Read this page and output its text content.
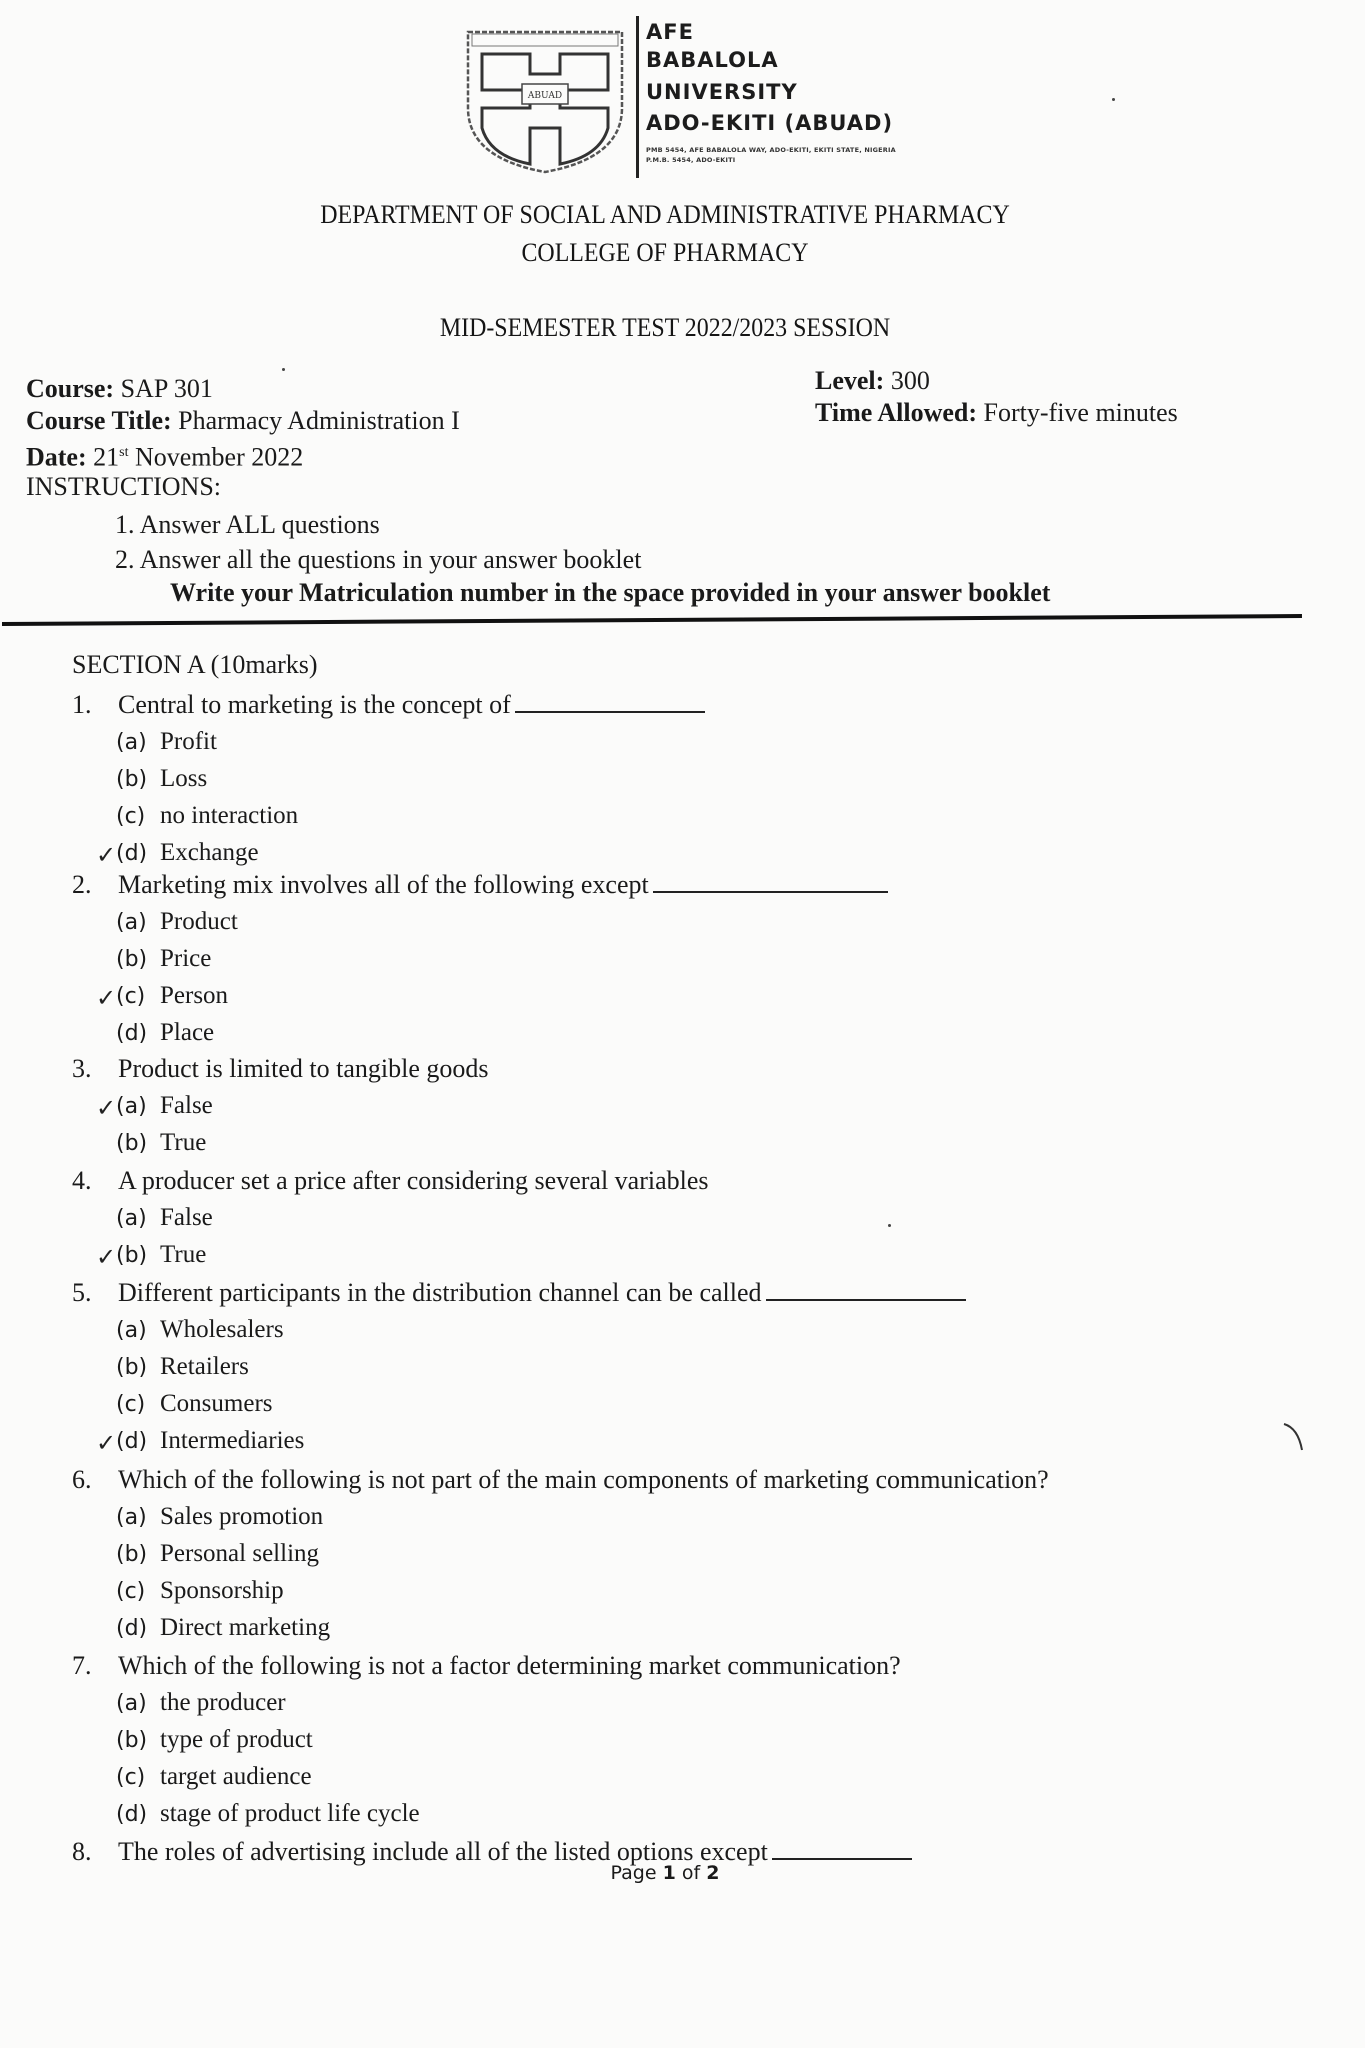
ABUAD
AFE
BABALOLA
UNIVERSITY
ADO-EKITI (ABUAD)
PMB 5454, AFE BABALOLA WAY, ADO-EKITI, EKITI STATE, NIGERIA
P.M.B. 5454, ADO-EKITI
DEPARTMENT OF SOCIAL AND ADMINISTRATIVE PHARMACY
COLLEGE OF PHARMACY
MID-SEMESTER TEST 2022/2023 SESSION
Course: SAP 301
Course Title: Pharmacy Administration I
Date: 21st November 2022
Level: 300
Time Allowed: Forty-five minutes
INSTRUCTIONS:
1. Answer ALL questions
2. Answer all the questions in your answer booklet
Write your Matriculation number in the space provided in your answer booklet
SECTION A (10marks)
1. Central to marketing is the concept of
(a) Profit
(b) Loss
(c) no interaction
✓ (d) Exchange
2. Marketing mix involves all of the following except
(a) Product
(b) Price
✓ (c) Person
(d) Place
3. Product is limited to tangible goods
✓ (a) False
(b) True
4. A producer set a price after considering several variables
(a) False
✓ (b) True
5. Different participants in the distribution channel can be called
(a) Wholesalers
(b) Retailers
(c) Consumers
✓ (d) Intermediaries
6. Which of the following is not part of the main components of marketing communication?
(a) Sales promotion
(b) Personal selling
(c) Sponsorship
(d) Direct marketing
7. Which of the following is not a factor determining market communication?
(a) the producer
(b) type of product
(c) target audience
(d) stage of product life cycle
8. The roles of advertising include all of the listed options except
Page 1 of 2
